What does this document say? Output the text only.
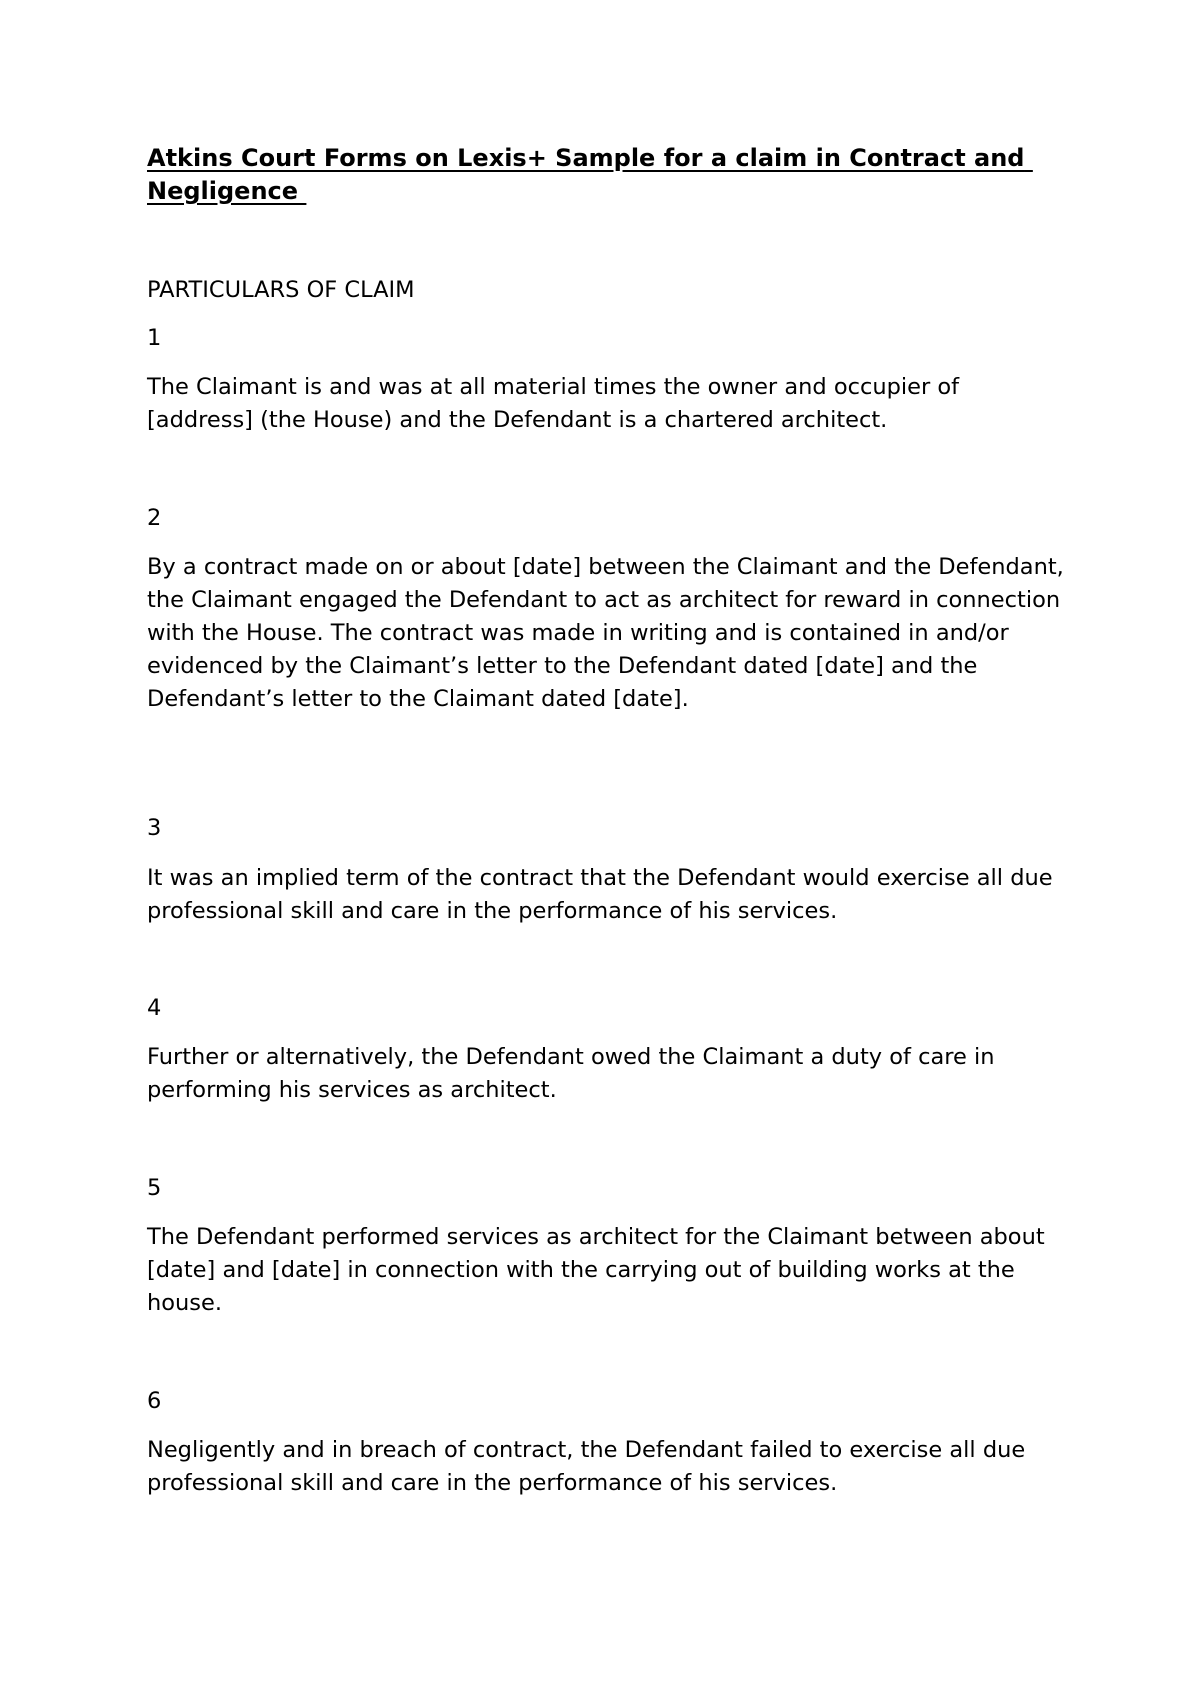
Atkins Court Forms on Lexis+ Sample for a claim in Contract and Negligence

PARTICULARS OF CLAIM

1

The Claimant is and was at all material times the owner and occupier of [address] (the House) and the Defendant is a chartered architect.

2

By a contract made on or about [date] between the Claimant and the Defendant, the Claimant engaged the Defendant to act as architect for reward in connection with the House. The contract was made in writing and is contained in and/or evidenced by the Claimant’s letter to the Defendant dated [date] and the Defendant’s letter to the Claimant dated [date].

3

It was an implied term of the contract that the Defendant would exercise all due professional skill and care in the performance of his services.

4

Further or alternatively, the Defendant owed the Claimant a duty of care in performing his services as architect.

5

The Defendant performed services as architect for the Claimant between about [date] and [date] in connection with the carrying out of building works at the house.

6

Negligently and in breach of contract, the Defendant failed to exercise all due professional skill and care in the performance of his services.
